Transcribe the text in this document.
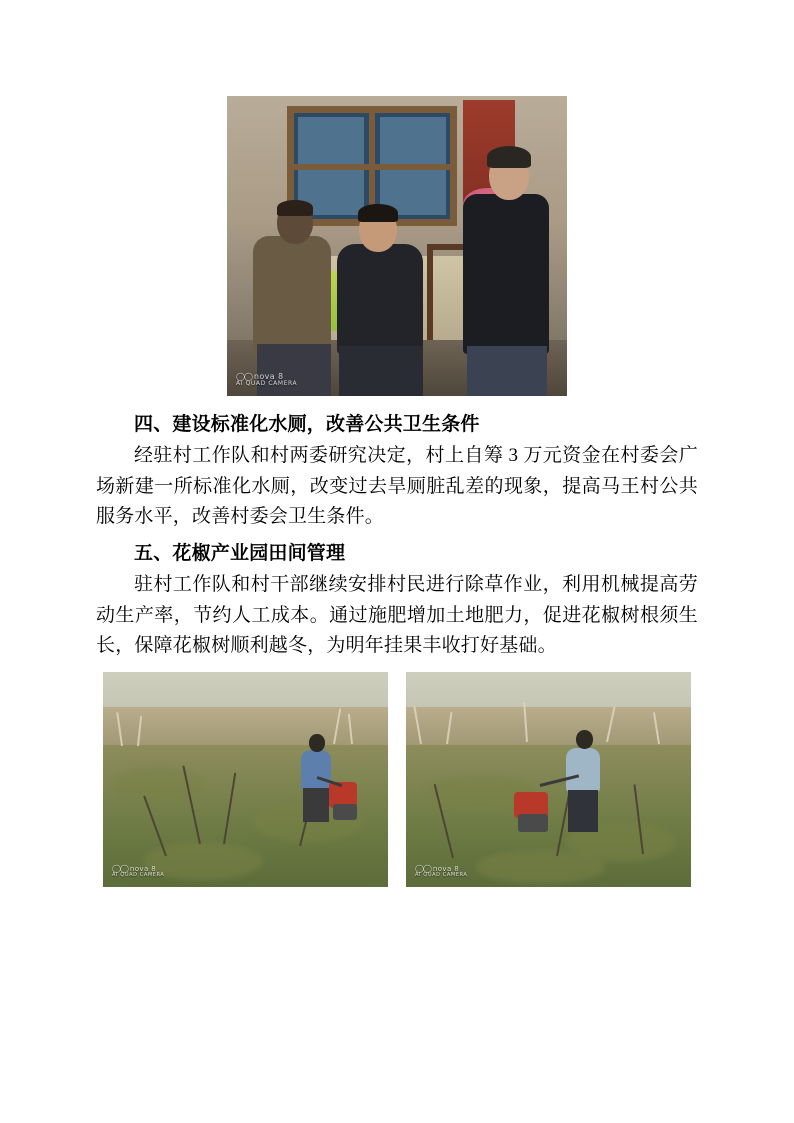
◯◯ nova 8
AI QUAD CAMERA
四、建设标准化水厕，改善公共卫生条件

经驻村工作队和村两委研究决定，村上自筹 3 万元资金在村委会广场新建一所标准化水厕，改变过去旱厕脏乱差的现象，提高马王村公共服务水平，改善村委会卫生条件。

五、花椒产业园田间管理

驻村工作队和村干部继续安排村民进行除草作业，利用机械提高劳动生产率，节约人工成本。通过施肥增加土地肥力，促进花椒树根须生长，保障花椒树顺利越冬，为明年挂果丰收打好基础。

◯◯ nova 8
AI QUAD CAMERA
◯◯ nova 8
AI QUAD CAMERA
